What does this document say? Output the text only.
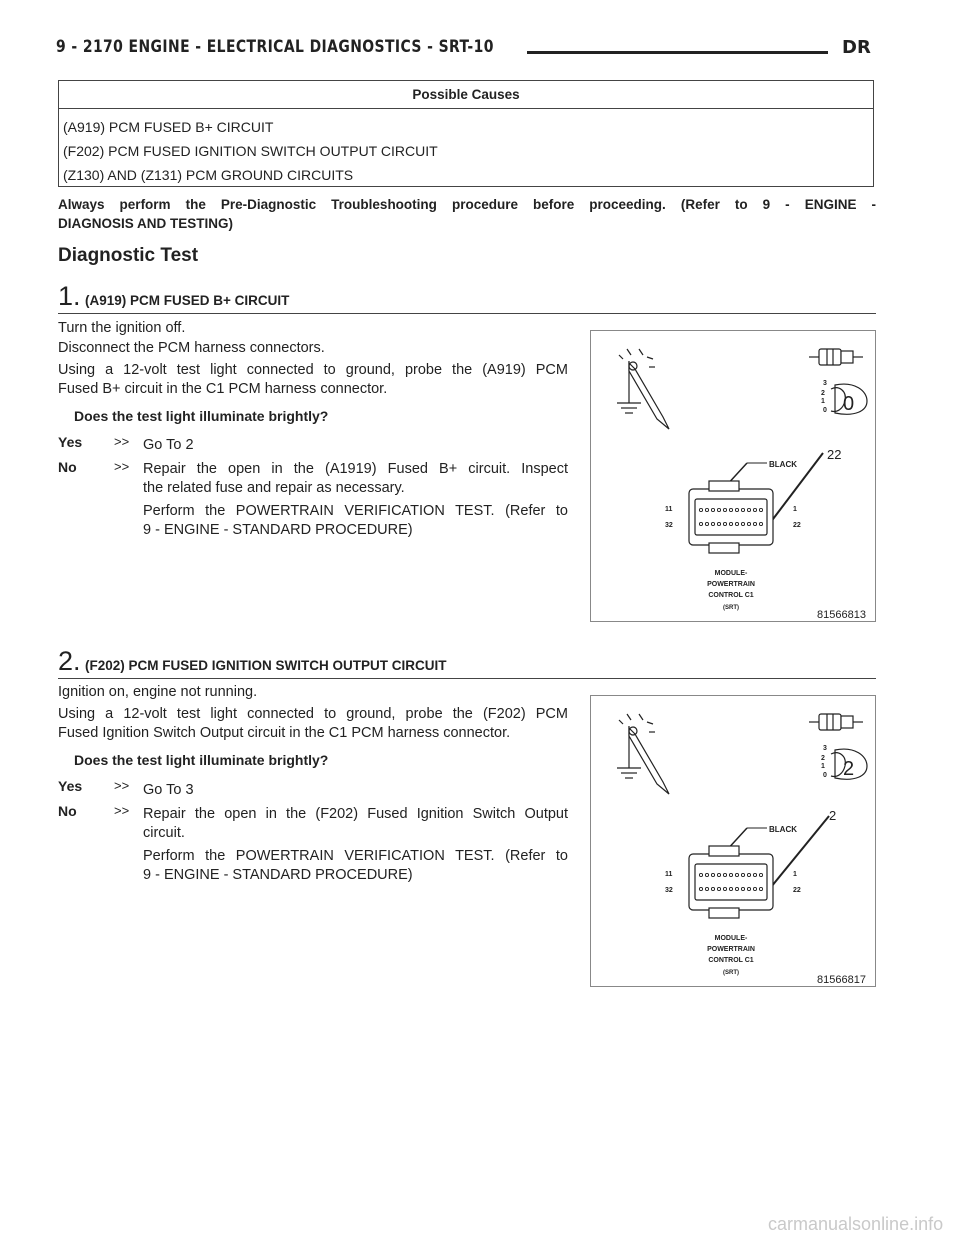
9 - 2170 ENGINE - ELECTRICAL DIAGNOSTICS - SRT-10	DR
Possible Causes
(A919) PCM FUSED B+ CIRCUIT
(F202) PCM FUSED IGNITION SWITCH OUTPUT CIRCUIT
(Z130) AND (Z131) PCM GROUND CIRCUITS
Always perform the Pre-Diagnostic Troubleshooting procedure before proceeding. (Refer to 9 - ENGINE -
DIAGNOSIS AND TESTING)
Diagnostic Test
1. (A919) PCM FUSED B+ CIRCUIT
Turn the ignition off.
Disconnect the PCM harness connectors.
Using a 12-volt test light connected to ground, probe the (A919) PCM
Fused B+ circuit in the C1 PCM harness connector.
Does the test light illuminate brightly?
Yes >> Go To 2
No	>> Repair the open in the (A1919) Fused B+ circuit. Inspect
the related fuse and repair as necessary.
Perform the POWERTRAIN VERIFICATION TEST. (Refer to
9 - ENGINE - STANDARD PROCEDURE)
3
2
1
0 0
22
BLACK
11
32
1
22
MODULE-
POWERTRAIN
CONTROL C1
(SRT)
81566813
2. (F202) PCM FUSED IGNITION SWITCH OUTPUT CIRCUIT
Ignition on, engine not running.
Using a 12-volt test light connected to ground, probe the (F202) PCM
Fused Ignition Switch Output circuit in the C1 PCM harness connector.
Does the test light illuminate brightly?
Yes >> Go To 3
No	>> Repair the open in the (F202) Fused Ignition Switch Output
circuit.
Perform the POWERTRAIN VERIFICATION TEST. (Refer to
9 - ENGINE - STANDARD PROCEDURE)
3
2
1
0 2
2
BLACK
11
32
1
22
MODULE-
POWERTRAIN
CONTROL C1
(SRT)
81566817
carmanualsonline.info
